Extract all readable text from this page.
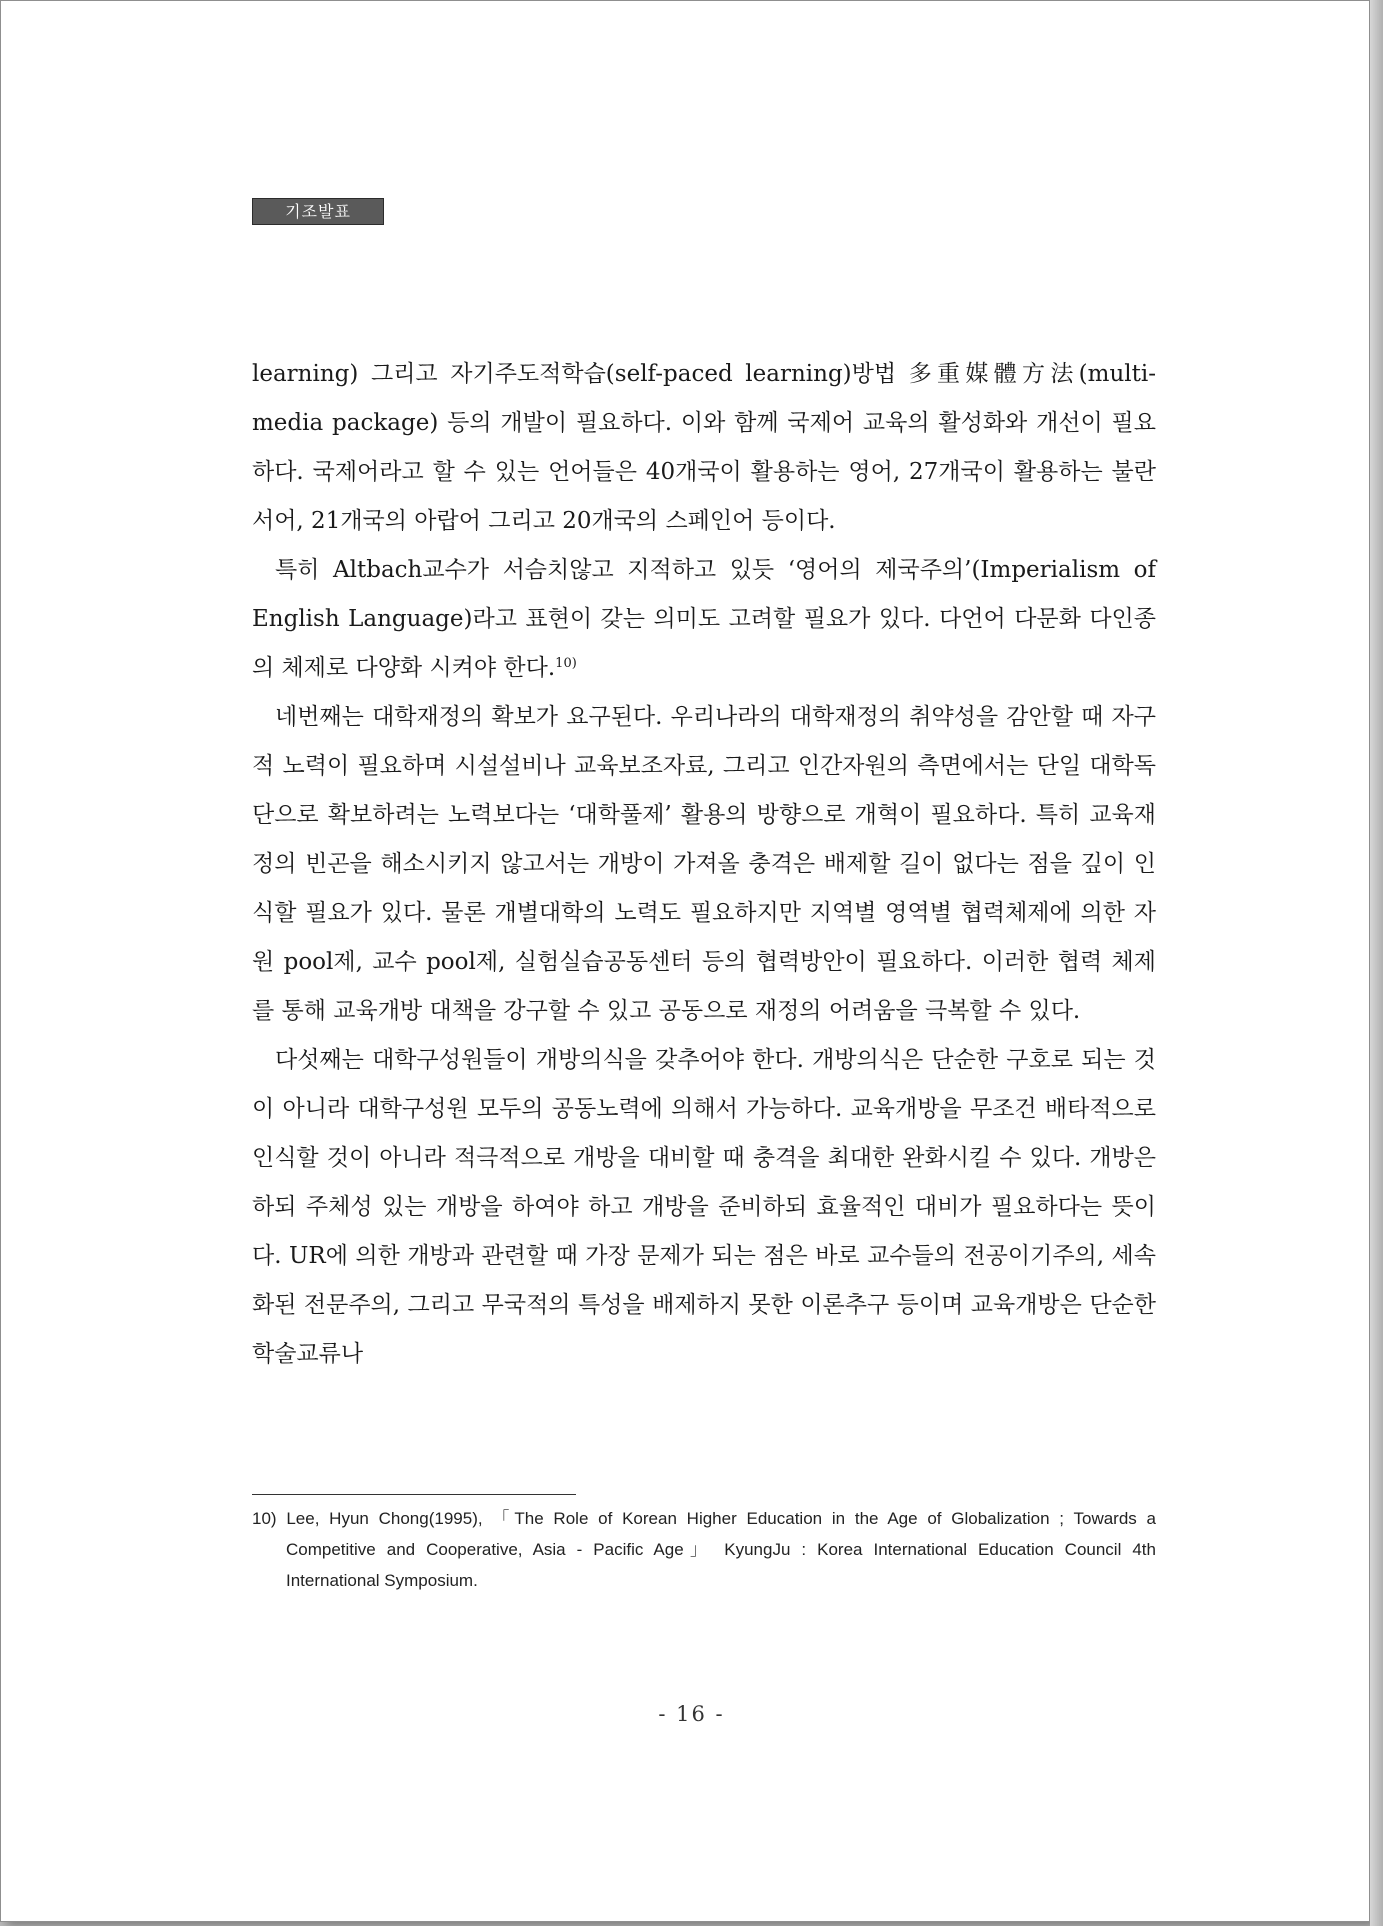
기조발표

learning) 그리고 자기주도적학습(self-paced learning)방법 多重媒體方法(multi-media package) 등의 개발이 필요하다. 이와 함께 국제어 교육의 활성화와 개선이 필요하다. 국제어라고 할 수 있는 언어들은 40개국이 활용하는 영어, 27개국이 활용하는 불란서어, 21개국의 아랍어 그리고 20개국의 스페인어 등이다.

특히 Altbach교수가 서슴치않고 지적하고 있듯 ‘영어의 제국주의’(Imperialism of English Language)라고 표현이 갖는 의미도 고려할 필요가 있다. 다언어 다문화 다인종의 체제로 다양화 시켜야 한다.$^{10)}$

네번째는 대학재정의 확보가 요구된다. 우리나라의 대학재정의 취약성을 감안할 때 자구적 노력이 필요하며 시설설비나 교육보조자료, 그리고 인간자원의 측면에서는 단일 대학독단으로 확보하려는 노력보다는 ‘대학풀제’ 활용의 방향으로 개혁이 필요하다. 특히 교육재정의 빈곤을 해소시키지 않고서는 개방이 가져올 충격은 배제할 길이 없다는 점을 깊이 인식할 필요가 있다. 물론 개별대학의 노력도 필요하지만 지역별 영역별 협력체제에 의한 자원 pool제, 교수 pool제, 실험실습공동센터 등의 협력방안이 필요하다. 이러한 협력 체제를 통해 교육개방 대책을 강구할 수 있고 공동으로 재정의 어려움을 극복할 수 있다.

다섯째는 대학구성원들이 개방의식을 갖추어야 한다. 개방의식은 단순한 구호로 되는 것이 아니라 대학구성원 모두의 공동노력에 의해서 가능하다. 교육개방을 무조건 배타적으로 인식할 것이 아니라 적극적으로 개방을 대비할 때 충격을 최대한 완화시킬 수 있다. 개방은 하되 주체성 있는 개방을 하여야 하고 개방을 준비하되 효율적인 대비가 필요하다는 뜻이다. UR에 의한 개방과 관련할 때 가장 문제가 되는 점은 바로 교수들의 전공이기주의, 세속화된 전문주의, 그리고 무국적의 특성을 배제하지 못한 이론추구 등이며 교육개방은 단순한 학술교류나

10) Lee, Hyun Chong(1995), 「The Role of Korean Higher Education in the Age of Globalization ; Towards a Competitive and Cooperative, Asia - Pacific Age」 KyungJu : Korea International Education Council 4th International Symposium.
- 16 -
